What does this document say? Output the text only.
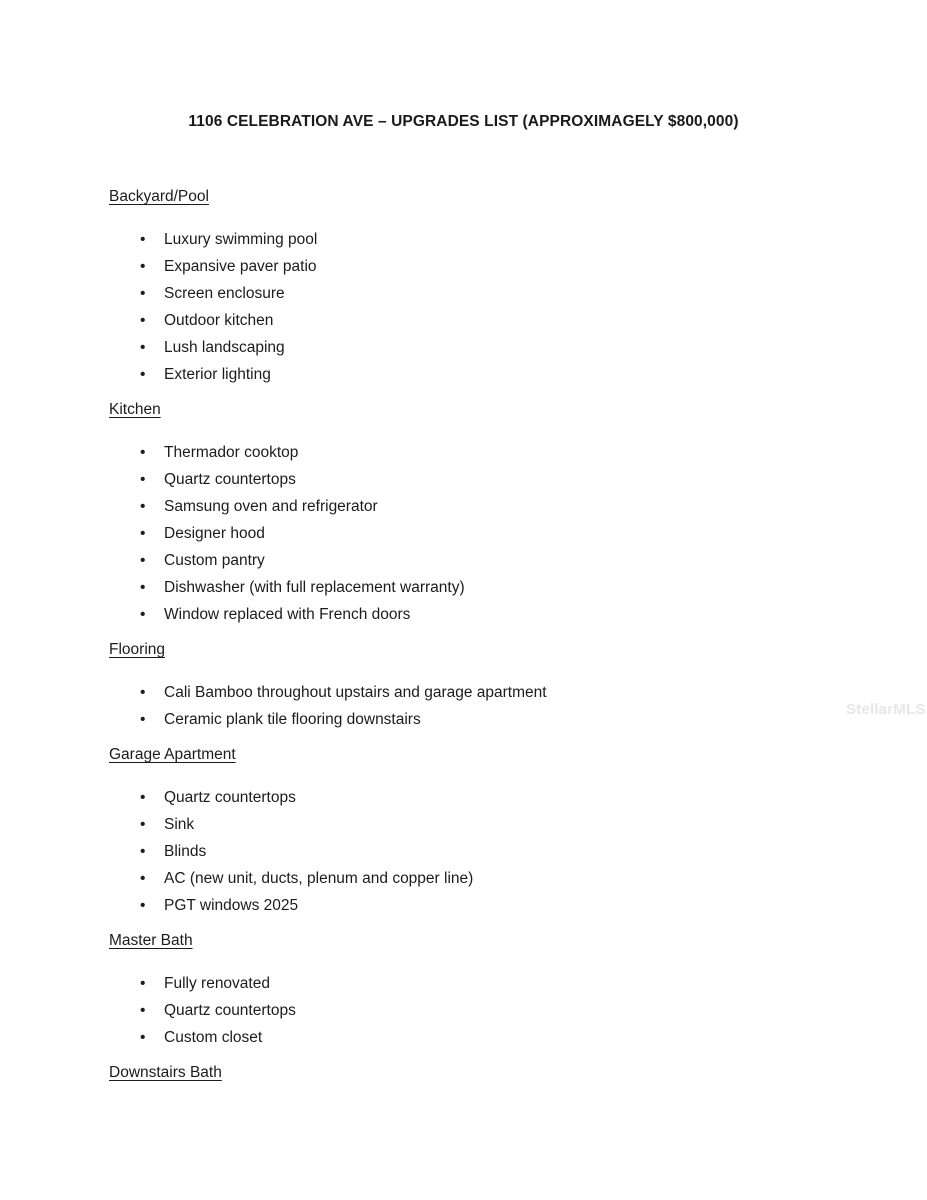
1106 CELEBRATION AVE – UPGRADES LIST (APPROXIMAGELY $800,000)
Backyard/Pool
• Luxury swimming pool
• Expansive paver patio
• Screen enclosure
• Outdoor kitchen
• Lush landscaping
• Exterior lighting
Kitchen
• Thermador cooktop
• Quartz countertops
• Samsung oven and refrigerator
• Designer hood
• Custom pantry
• Dishwasher (with full replacement warranty)
• Window replaced with French doors
Flooring
• Cali Bamboo throughout upstairs and garage apartment
• Ceramic plank tile flooring downstairs
Garage Apartment
• Quartz countertops
• Sink
• Blinds
• AC (new unit, ducts, plenum and copper line)
• PGT windows 2025
Master Bath
• Fully renovated
• Quartz countertops
• Custom closet
Downstairs Bath
StellarMLS
